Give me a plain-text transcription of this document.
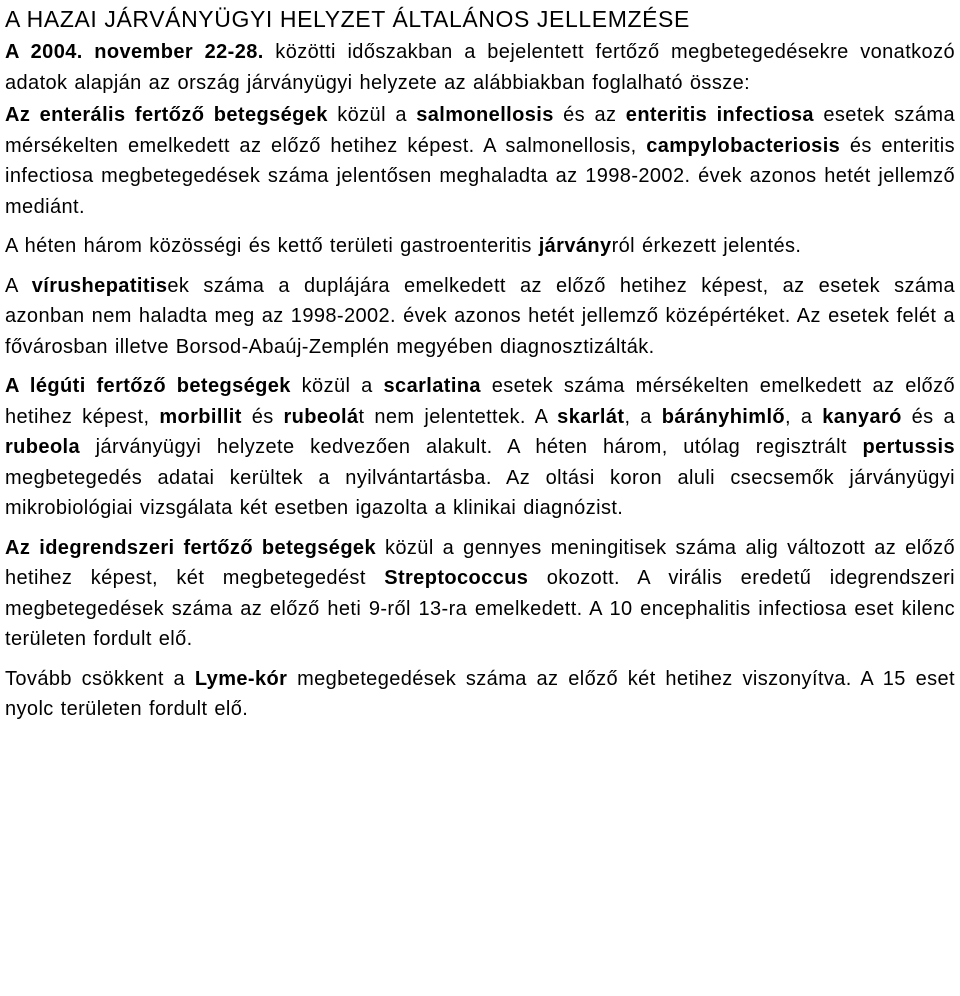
A HAZAI JÁRVÁNYÜGYI HELYZET ÁLTALÁNOS JELLEMZÉSE

A 2004. november 22-28. közötti időszakban a bejelentett fertőző megbetegedésekre vonatkozó adatok alapján az ország járványügyi helyzete az alábbiakban foglalható össze:

Az enterális fertőző betegségek közül a salmonellosis és az enteritis infectiosa esetek száma mérsékelten emelkedett az előző hetihez képest. A salmonellosis, campylobacteriosis és enteritis infectiosa megbetegedések száma jelentősen meghaladta az 1998-2002. évek azonos hetét jellemző mediánt.

A héten három közösségi és kettő területi gastroenteritis járványról érkezett jelentés.

A vírushepatitisek száma a duplájára emelkedett az előző hetihez képest, az esetek száma azonban nem haladta meg az 1998-2002. évek azonos hetét jellemző középértéket. Az esetek felét a fővárosban illetve Borsod-Abaúj-Zemplén megyében diagnosztizálták.

A légúti fertőző betegségek közül a scarlatina esetek száma mérsékelten emelkedett az előző hetihez képest, morbillit és rubeolát nem jelentettek. A skarlát, a bárányhimlő, a kanyaró és a rubeola járványügyi helyzete kedvezően alakult. A héten három, utólag regisztrált pertussis megbetegedés adatai kerültek a nyilvántartásba. Az oltási koron aluli csecsemők járványügyi mikrobiológiai vizsgálata két esetben igazolta a klinikai diagnózist.

Az idegrendszeri fertőző betegségek közül a gennyes meningitisek száma alig változott az előző hetihez képest, két megbetegedést Streptococcus okozott. A virális eredetű idegrendszeri megbetegedések száma az előző heti 9-ről 13-ra emelkedett. A 10 encephalitis infectiosa eset kilenc területen fordult elő.

Tovább csökkent a Lyme-kór megbetegedések száma az előző két hetihez viszonyítva. A 15 eset nyolc területen fordult elő.
